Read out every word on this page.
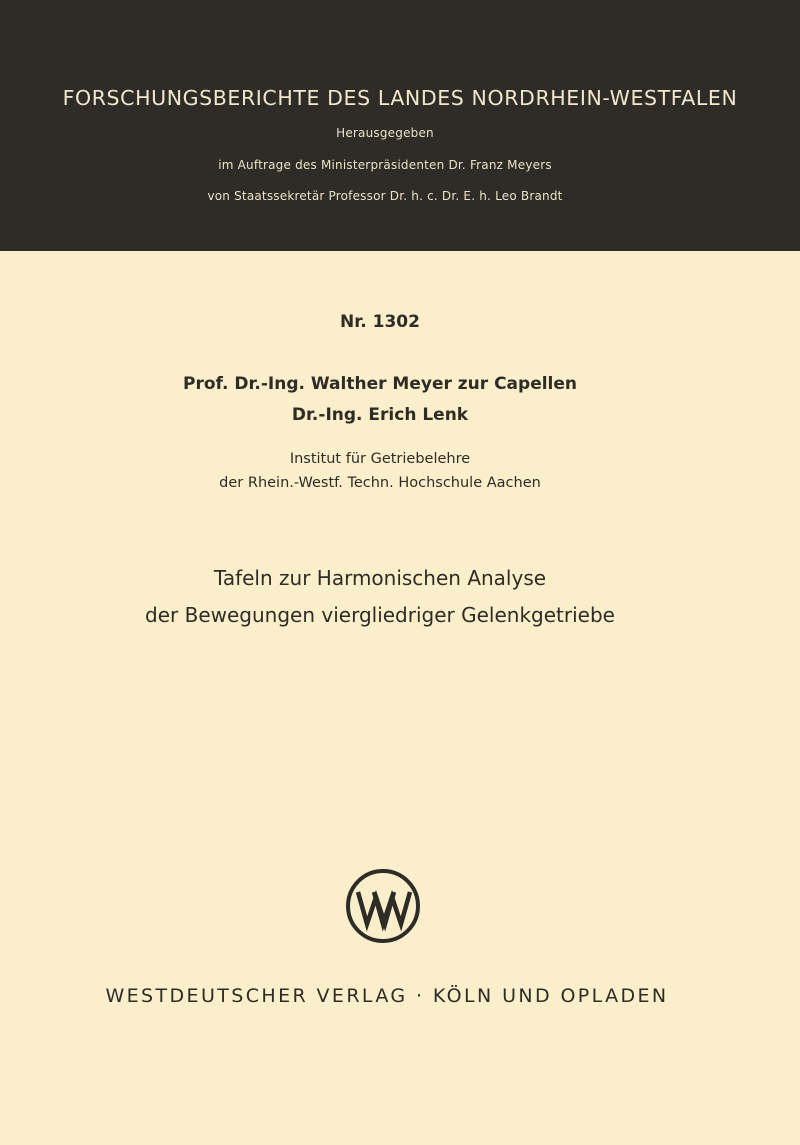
FORSCHUNGSBERICHTE DES LANDES NORDRHEIN-WESTFALEN
Herausgegeben
im Auftrage des Ministerpräsidenten Dr. Franz Meyers
von Staatssekretär Professor Dr. h. c. Dr. E. h. Leo Brandt
Nr. 1302
Prof. Dr.-Ing. Walther Meyer zur Capellen
Dr.-Ing. Erich Lenk
Institut für Getriebelehre
der Rhein.-Westf. Techn. Hochschule Aachen
Tafeln zur Harmonischen Analyse
der Bewegungen viergliedriger Gelenkgetriebe
WESTDEUTSCHER VERLAG · KÖLN UND OPLADEN
